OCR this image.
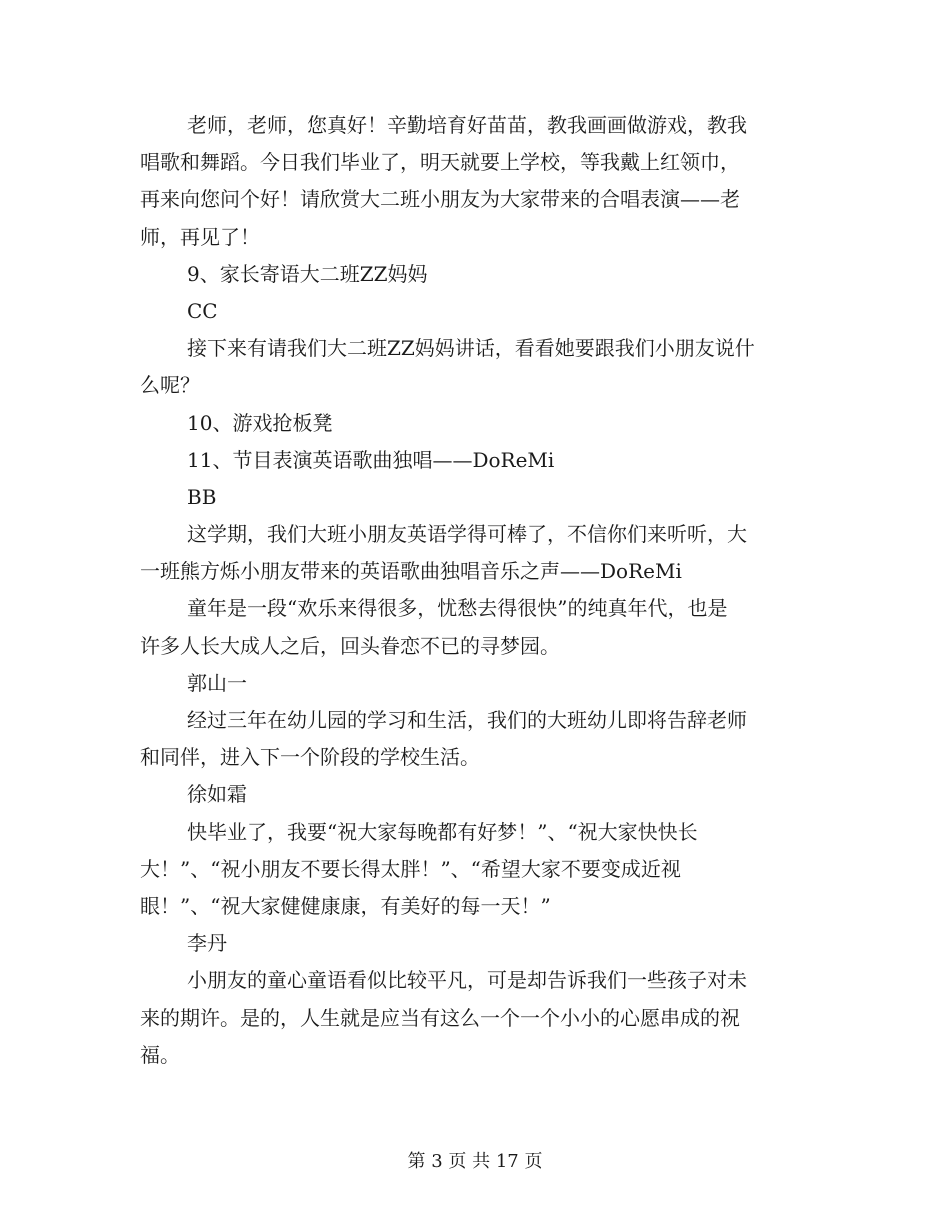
老师，老师，您真好！辛勤培育好苗苗，教我画画做游戏，教我
唱歌和舞蹈。今日我们毕业了，明天就要上学校，等我戴上红领巾，
再来向您问个好！请欣赏大二班小朋友为大家带来的合唱表演——老
师，再见了！
9、家长寄语大二班ZZ妈妈
CC
接下来有请我们大二班ZZ妈妈讲话，看看她要跟我们小朋友说什
么呢？
10、游戏抢板凳
11、节目表演英语歌曲独唱——DoReMi
BB
这学期，我们大班小朋友英语学得可棒了，不信你们来听听，大
一班熊方烁小朋友带来的英语歌曲独唱音乐之声——DoReMi
童年是一段“欢乐来得很多，忧愁去得很快”的纯真年代，也是
许多人长大成人之后，回头眷恋不已的寻梦园。
郭山一
经过三年在幼儿园的学习和生活，我们的大班幼儿即将告辞老师
和同伴，进入下一个阶段的学校生活。
徐如霜
快毕业了，我要“祝大家每晚都有好梦！”、“祝大家快快长
大！”、“祝小朋友不要长得太胖！”、“希望大家不要变成近视
眼！”、“祝大家健健康康，有美好的每一天！”
李丹
小朋友的童心童语看似比较平凡，可是却告诉我们一些孩子对未
来的期许。是的，人生就是应当有这么一个一个小小的心愿串成的祝
福。
第 3 页 共 17 页
